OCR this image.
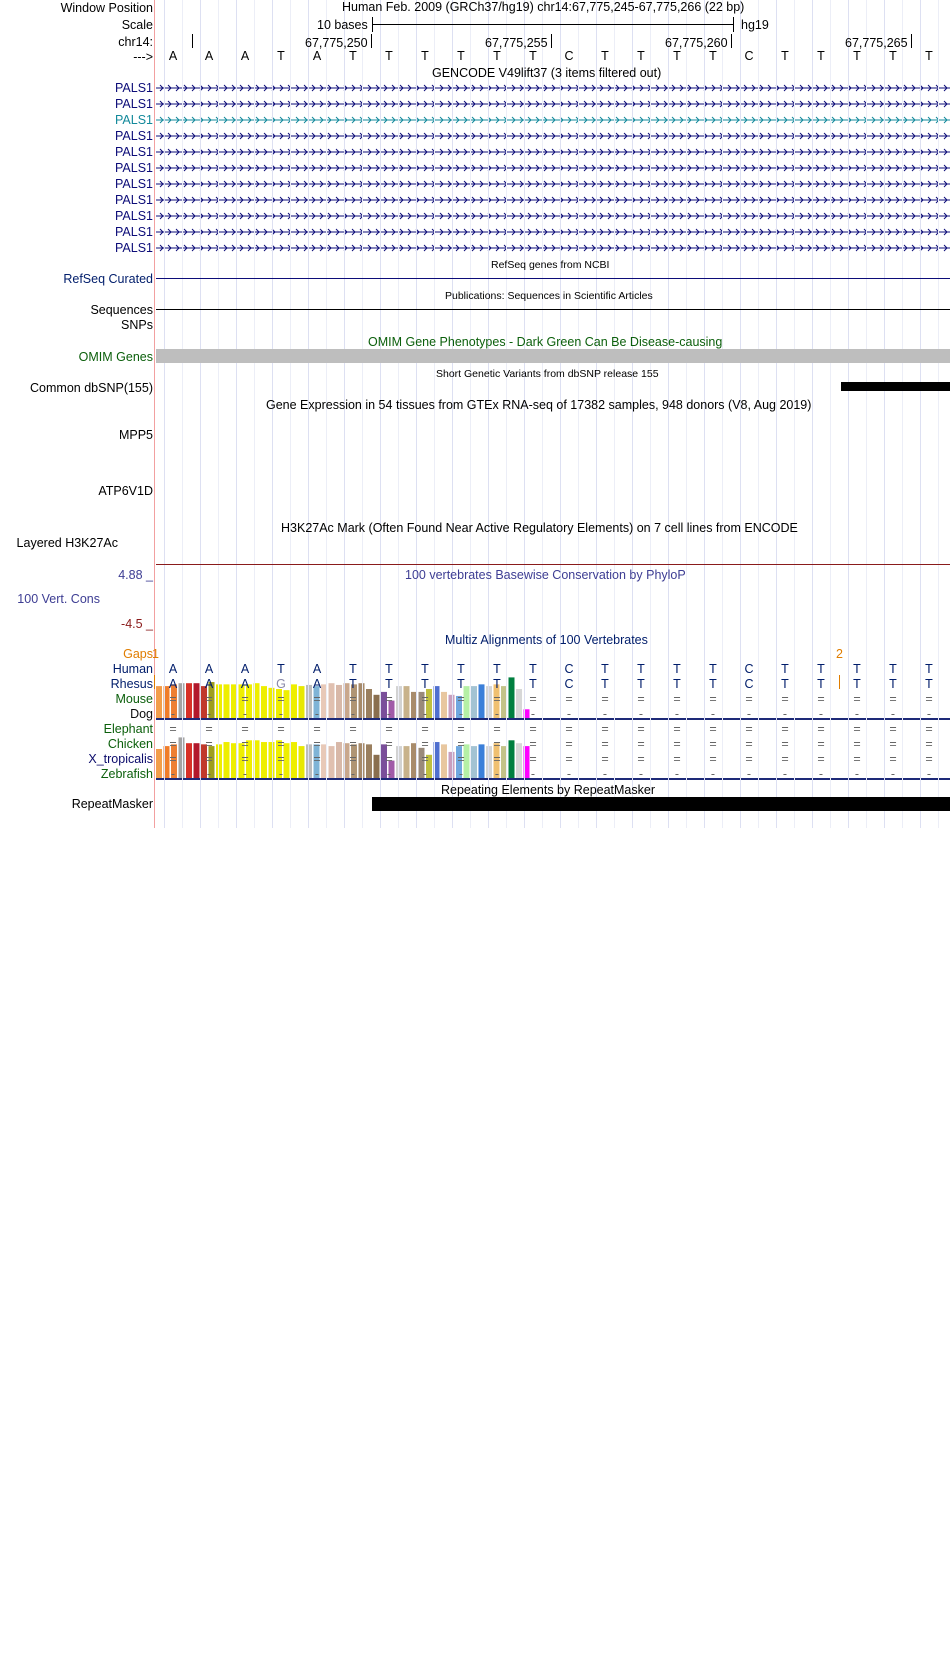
Window Position
Scale
chr14:
--->
Human Feb. 2009 (GRCh37/hg19) chr14:67,775,245-67,775,266 (22 bp)
10 bases	hg19
67,775,250	67,775,255	67,775,260	67,775,265
A A A T A T T T T T T C T T T T C T T T T T
GENCODE V49lift37 (3 items filtered out)
PALS1
PALS1
PALS1
PALS1
PALS1
PALS1
PALS1
PALS1
PALS1
PALS1
PALS1

RefSeq genes from NCBI
RefSeq Curated
Publications: Sequences in Scientific Articles
Sequences
SNPs
OMIM Gene Phenotypes - Dark Green Can Be Disease-causing
OMIM Genes
Short Genetic Variants from dbSNP release 155
Common dbSNP(155)
Gene Expression in 54 tissues from GTEx RNA-seq of 17382 samples, 948 donors (V8, Aug 2019)
MPP5
ATP6V1D

H3K27Ac Mark (Often Found Near Active Regulatory Elements) on 7 cell lines from ENCODE
Layered H3K27Ac
4.88 _	100 vertebrates Basewise Conservation by PhyloP
100 Vert. Cons
-4.5 _
Multiz Alignments of 100 Vertebrates
Gaps 1	2
Human A A A T A T T T T T T C T T T T C T T T T T
Rhesus A A A G A T T T T T T C T T T T C T T T T T
Mouse = = = = = = = = = = = = = = = = = = = = = =
Dog	-	-	-	-	-	-	-	-	-	-	-	-	-	-	-	-	-	-	-	-	-	-
Elephant = = = = = = = = = = = = = = = = = = = = = =
Chicken = = = = = = = = = = = = = = = = = = = = = =
X_tropicalis = = = = = = = = = = = = = = = = = = = = = =
Zebrafish	-	-	-	-	-	-	-	-	-	-	-	-	-	-	-	-	-	-	-	-	-	-
Repeating Elements by RepeatMasker
RepeatMasker
